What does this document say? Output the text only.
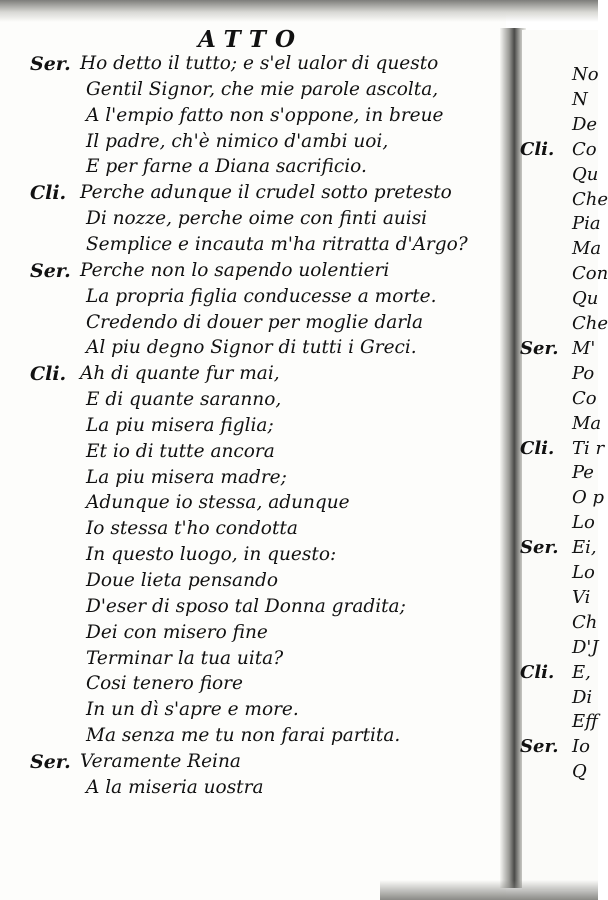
ATTO
Ser. Ho detto il tutto; e s'el ualor di questo
Gentil Signor, che mie parole ascolta,
A l'empio fatto non s'oppone, in breue
Il padre, ch'è nimico d'ambi uoi,
E per farne a Diana sacrificio.
Cli. Perche adunque il crudel sotto pretesto
Di nozze, perche oime con finti auisi
Semplice e incauta m'ha ritratta d'Argo?
Ser. Perche non lo sapendo uolentieri
La propria figlia conducesse a morte.
Credendo di douer per moglie darla
Al piu degno Signor di tutti i Greci.
Cli. Ah di quante fur mai,
E di quante saranno,
La piu misera figlia;
Et io di tutte ancora
La piu misera madre;
Adunque io stessa, adunque
Io stessa t'ho condotta
In questo luogo, in questo:
Doue lieta pensando
D'eser di sposo tal Donna gradita;
Dei con misero fine
Terminar la tua uita?
Cosi tenero fiore
In un dì s'apre e more.
Ma senza me tu non farai partita.
Ser. Veramente Reina
A la miseria uostra
No
N
De
Cli. Co
Qu
Che
Pia
Ma
Con
Qu
Che
Ser. M'
Po
Co
Ma
Cli. Ti r
Pe
O p
Lo
Ser. Ei,
Lo
Vi
Ch
D'J
Cli. E,
Di
Eff
Ser. Io
Q
